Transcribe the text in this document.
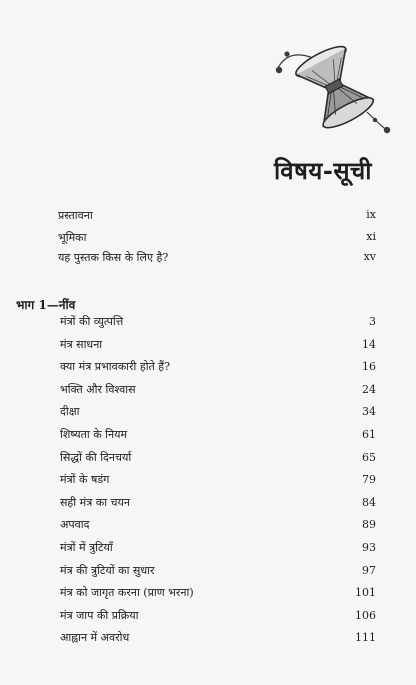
विषय-सूची
प्रस्तावना	ix
भूमिका	xi
यह पुस्तक किस के लिए है?	xv
भाग 1—नींव
मंत्रों की व्युत्पत्ति	3
मंत्र साधना	14
क्या मंत्र प्रभावकारी होते हैं?	16
भक्ति और विश्वास	24
दीक्षा	34
शिष्यता के नियम	61
सिद्धों की दिनचर्या	65
मंत्रों के षडंग	79
सही मंत्र का चयन	84
अपवाद	89
मंत्रों में त्रुटियाँ	93
मंत्र की त्रुटियों का सुधार	97
मंत्र को जागृत करना (प्राण भरना)	101
मंत्र जाप की प्रक्रिया	106
आह्वान में अवरोध	111
